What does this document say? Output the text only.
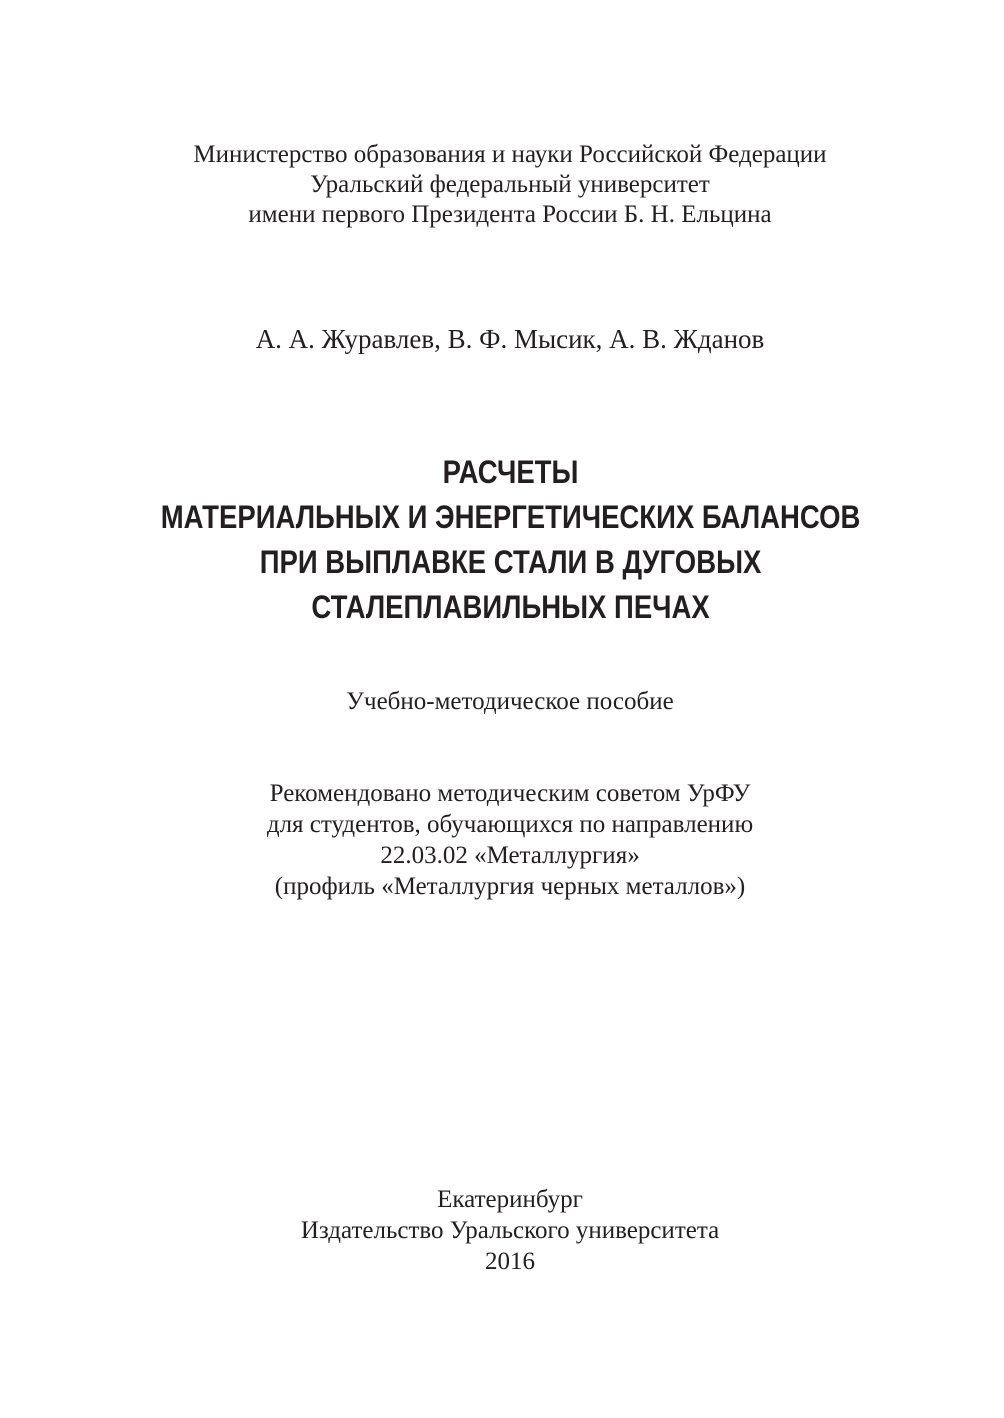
Министерство образования и науки Российской Федерации
Уральский федеральный университет
имени первого Президента России Б. Н. Ельцина
А. А. Журавлев, В. Ф. Мысик, А. В. Жданов
РАСЧЕТЫ
МАТЕРИАЛЬНЫХ И ЭНЕРГЕТИЧЕСКИХ БАЛАНСОВ
ПРИ ВЫПЛАВКЕ СТАЛИ В ДУГОВЫХ
СТАЛЕПЛАВИЛЬНЫХ ПЕЧАХ
Учебно-методическое пособие
Рекомендовано методическим советом УрФУ
для студентов, обучающихся по направлению
22.03.02 «Металлургия»
(профиль «Металлургия черных металлов»)
Екатеринбург
Издательство Уральского университета
2016
